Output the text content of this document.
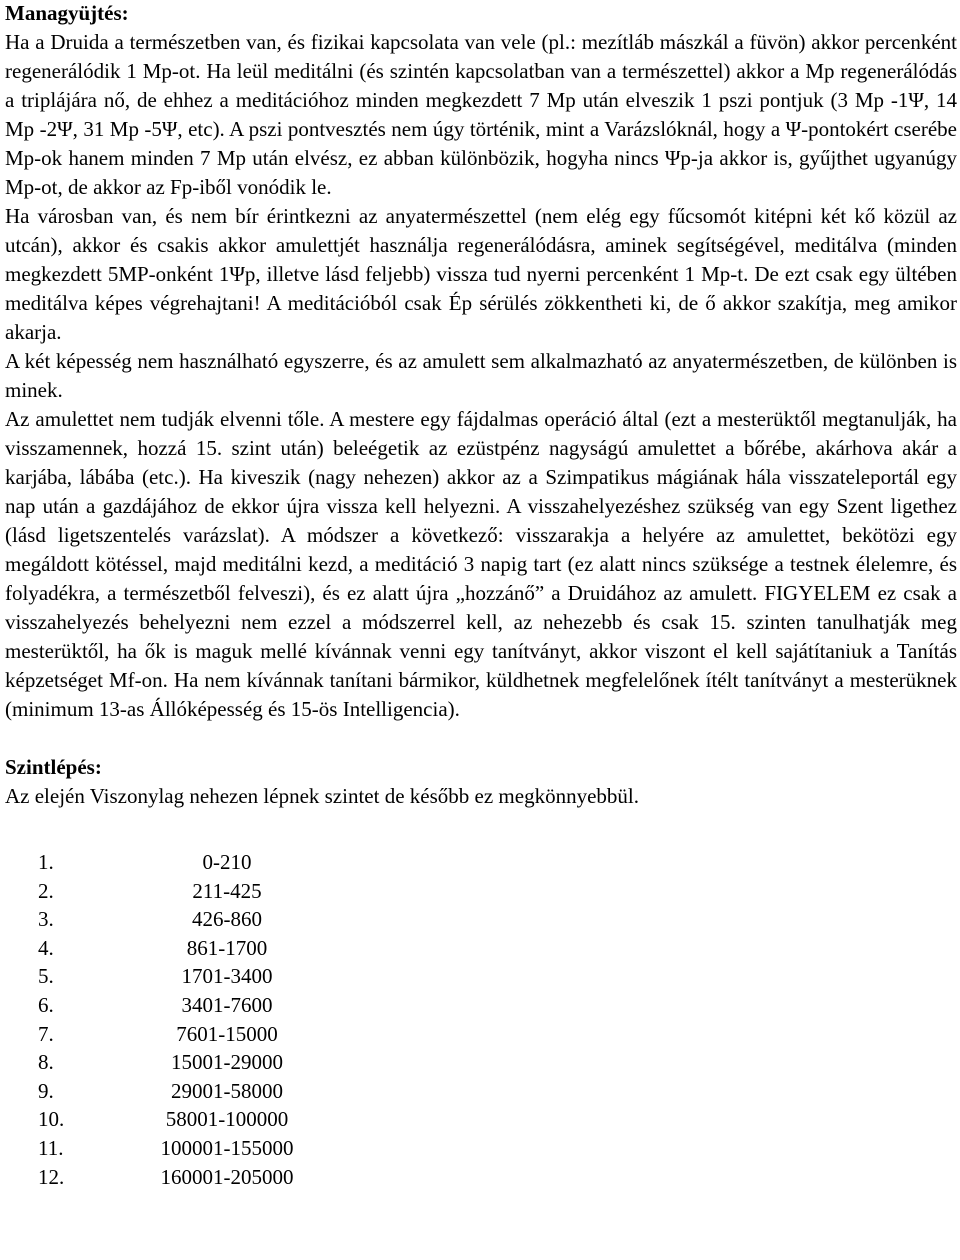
Managyüjtés:

Ha a Druida a természetben van, és fizikai kapcsolata van vele (pl.: mezítláb mászkál a füvön) akkor percenként regenerálódik 1 Mp-ot. Ha leül meditálni (és szintén kapcsolatban van a természettel) akkor a Mp regenerálódás a triplájára nő, de ehhez a meditációhoz minden megkezdett 7 Mp után elveszik 1 pszi pontjuk (3 Mp -1Ψ, 14 Mp -2Ψ, 31 Mp -5Ψ, etc). A pszi pontvesztés nem úgy történik, mint a Varázslóknál, hogy a Ψ-pontokért cserébe Mp-ok hanem minden 7 Mp után elvész, ez abban különbözik, hogyha nincs Ψp-ja akkor is, gyűjthet ugyanúgy Mp-ot, de akkor az Fp-iből vonódik le.

Ha városban van, és nem bír érintkezni az anyatermészettel (nem elég egy fűcsomót kitépni két kő közül az utcán), akkor és csakis akkor amulettjét használja regenerálódásra, aminek segítségével, meditálva (minden megkezdett 5MP-onként 1Ψp, illetve lásd feljebb) vissza tud nyerni percenként 1 Mp-t. De ezt csak egy ültében meditálva képes végrehajtani! A meditációból csak Ép sérülés zökkentheti ki, de ő akkor szakítja, meg amikor akarja.

A két képesség nem használható egyszerre, és az amulett sem alkalmazható az anyatermészetben, de különben is minek.

Az amulettet nem tudják elvenni tőle. A mestere egy fájdalmas operáció által (ezt a mesterüktől megtanulják, ha visszamennek, hozzá 15. szint után) beleégetik az ezüstpénz nagyságú amulettet a bőrébe, akárhova akár a karjába, lábába (etc.). Ha kiveszik (nagy nehezen) akkor az a Szimpatikus mágiának hála visszateleportál egy nap után a gazdájához de ekkor újra vissza kell helyezni. A visszahelyezéshez szükség van egy Szent ligethez (lásd ligetszentelés varázslat). A módszer a következő: visszarakja a helyére az amulettet, bekötözi egy megáldott kötéssel, majd meditálni kezd, a meditáció 3 napig tart (ez alatt nincs szüksége a testnek élelemre, és folyadékra, a természetből felveszi), és ez alatt újra „hozzánő” a Druidához az amulett. FIGYELEM ez csak a visszahelyezés behelyezni nem ezzel a módszerrel kell, az nehezebb és csak 15. szinten tanulhatják meg mesterüktől, ha ők is maguk mellé kívánnak venni egy tanítványt, akkor viszont el kell sajátítaniuk a Tanítás képzetséget Mf-on. Ha nem kívánnak tanítani bármikor, küldhetnek megfelelőnek ítélt tanítványt a mesterüknek (minimum 13-as Állóképesség és 15-ös Intelligencia).

Szintlépés:

Az elején Viszonylag nehezen lépnek szintet de később ez megkönnyebbül.

1.	0-210
2.	211-425
3.	426-860
4.	861-1700
5.	1701-3400
6.	3401-7600
7.	7601-15000
8.	15001-29000
9.	29001-58000
10.	58001-100000
11.	100001-155000
12.	160001-205000
